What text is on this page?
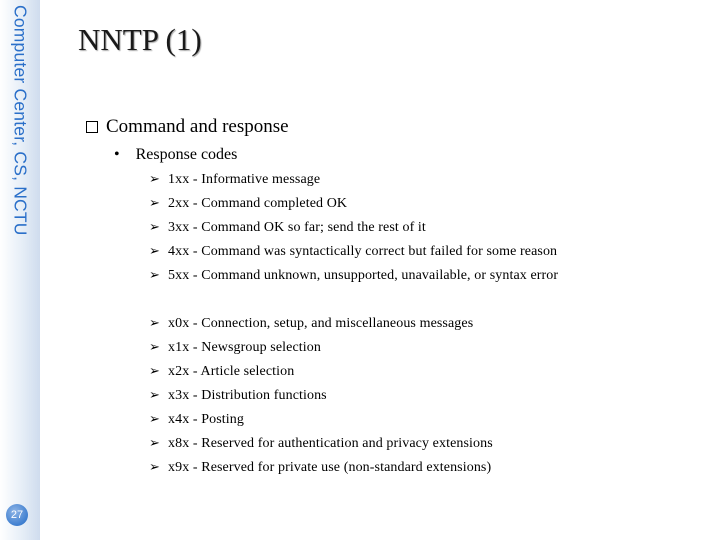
Computer Center, CS, NCTU
27
NNTP (1)
Command and response
• Response codes
➢ 1xx - Informative message
➢ 2xx - Command completed OK
➢ 3xx - Command OK so far; send the rest of it
➢ 4xx - Command was syntactically correct but failed for some reason
➢ 5xx - Command unknown, unsupported, unavailable, or syntax error
➢ x0x - Connection, setup, and miscellaneous messages
➢ x1x - Newsgroup selection
➢ x2x - Article selection
➢ x3x - Distribution functions
➢ x4x - Posting
➢ x8x - Reserved for authentication and privacy extensions
➢ x9x - Reserved for private use (non-standard extensions)
